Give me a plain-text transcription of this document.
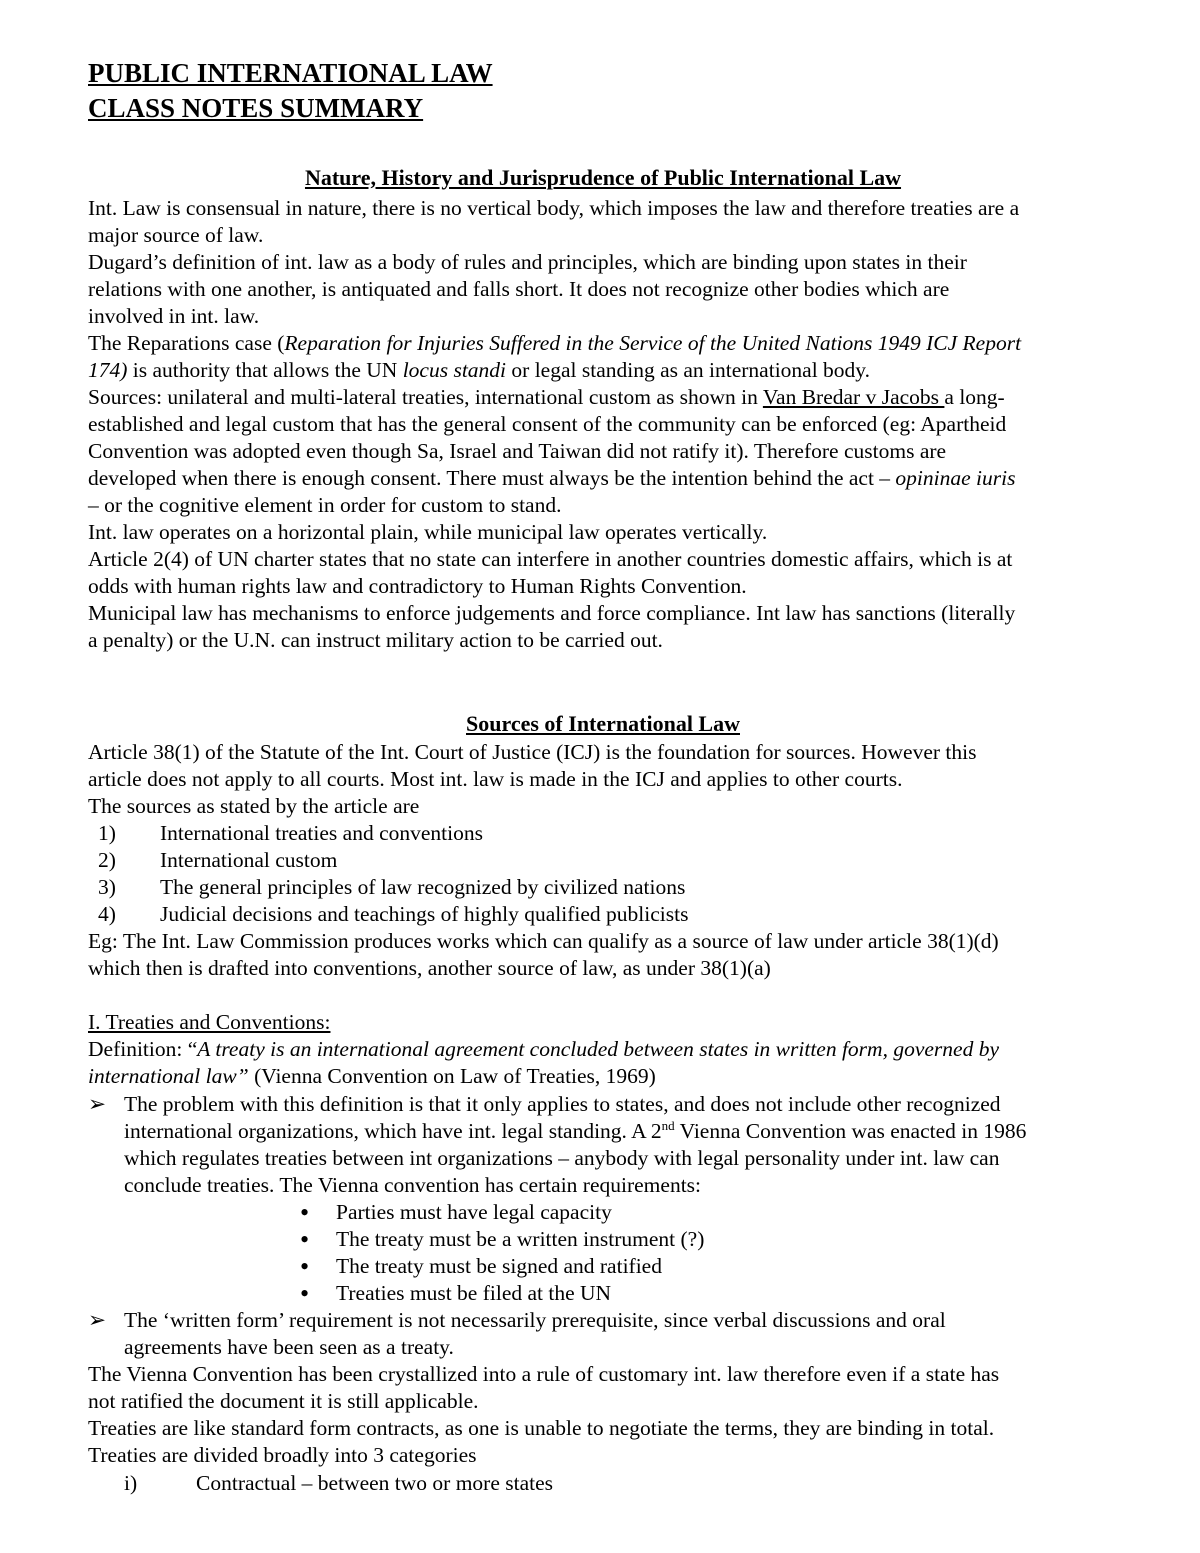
PUBLIC INTERNATIONAL LAW
CLASS NOTES SUMMARY
Nature, History and Jurisprudence of Public International Law
Int. Law is consensual in nature, there is no vertical body, which imposes the law and therefore treaties are a
major source of law.
Dugard’s definition of int. law as a body of rules and principles, which are binding upon states in their
relations with one another, is antiquated and falls short. It does not recognize other bodies which are
involved in int. law.
The Reparations case (Reparation for Injuries Suffered in the Service of the United Nations 1949 ICJ Report
174) is authority that allows the UN locus standi or legal standing as an international body.
Sources: unilateral and multi-lateral treaties, international custom as shown in Van Bredar v Jacobs a long-
established and legal custom that has the general consent of the community can be enforced (eg: Apartheid
Convention was adopted even though Sa, Israel and Taiwan did not ratify it). Therefore customs are
developed when there is enough consent. There must always be the intention behind the act – opininae iuris
– or the cognitive element in order for custom to stand.
Int. law operates on a horizontal plain, while municipal law operates vertically.
Article 2(4) of UN charter states that no state can interfere in another countries domestic affairs, which is at
odds with human rights law and contradictory to Human Rights Convention.
Municipal law has mechanisms to enforce judgements and force compliance. Int law has sanctions (literally
a penalty) or the U.N. can instruct military action to be carried out.
Sources of International Law
Article 38(1) of the Statute of the Int. Court of Justice (ICJ) is the foundation for sources. However this
article does not apply to all courts. Most int. law is made in the ICJ and applies to other courts.
The sources as stated by the article are
1) International treaties and conventions
2) International custom
3) The general principles of law recognized by civilized nations
4) Judicial decisions and teachings of highly qualified publicists
Eg: The Int. Law Commission produces works which can qualify as a source of law under article 38(1)(d)
which then is drafted into conventions, another source of law, as under 38(1)(a)
I. Treaties and Conventions:
Definition: “A treaty is an international agreement concluded between states in written form, governed by
international law” (Vienna Convention on Law of Treaties, 1969)
➢ The problem with this definition is that it only applies to states, and does not include other recognized
international organizations, which have int. legal standing. A 2nd Vienna Convention was enacted in 1986
which regulates treaties between int organizations – anybody with legal personality under int. law can
conclude treaties. The Vienna convention has certain requirements:
• Parties must have legal capacity
• The treaty must be a written instrument (?)
• The treaty must be signed and ratified
• Treaties must be filed at the UN
➢ The ‘written form’ requirement is not necessarily prerequisite, since verbal discussions and oral
agreements have been seen as a treaty.
The Vienna Convention has been crystallized into a rule of customary int. law therefore even if a state has
not ratified the document it is still applicable.
Treaties are like standard form contracts, as one is unable to negotiate the terms, they are binding in total.
Treaties are divided broadly into 3 categories
i)	Contractual – between two or more states
